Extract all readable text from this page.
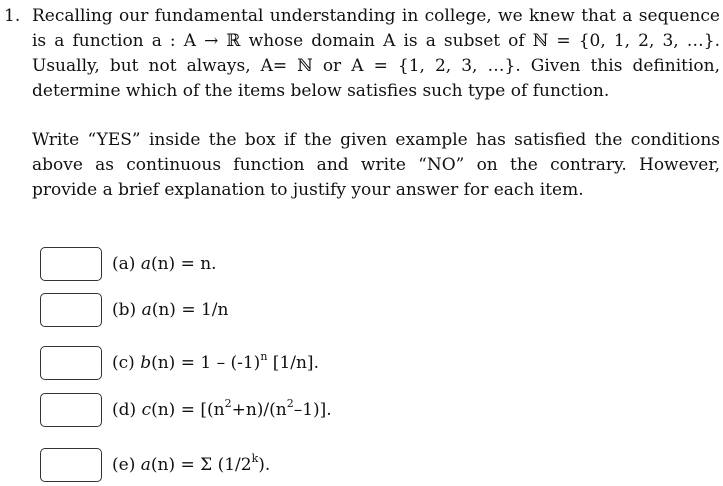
1. Recalling our fundamental understanding in college, we knew that a sequence is a function a : A → ℝ whose domain A is a subset of ℕ = {0, 1, 2, 3, …}. Usually, but not always, A= ℕ or A = {1, 2, 3, …}. Given this definition, determine which of the items below satisfies such type of function.
Write “YES” inside the box if the given example has satisfied the conditions above as continuous function and write “NO” on the contrary. However, provide a brief explanation to justify your answer for each item.
(a) a(n) = n.
(b) a(n) = 1/n
(c) $b(n) = 1 - (-1)^n$ [1/n].
(d) $c(n) = [(n^2+n)/(n^2-1)]$.
(e) a(n) = Σ (1/2$^k$).
